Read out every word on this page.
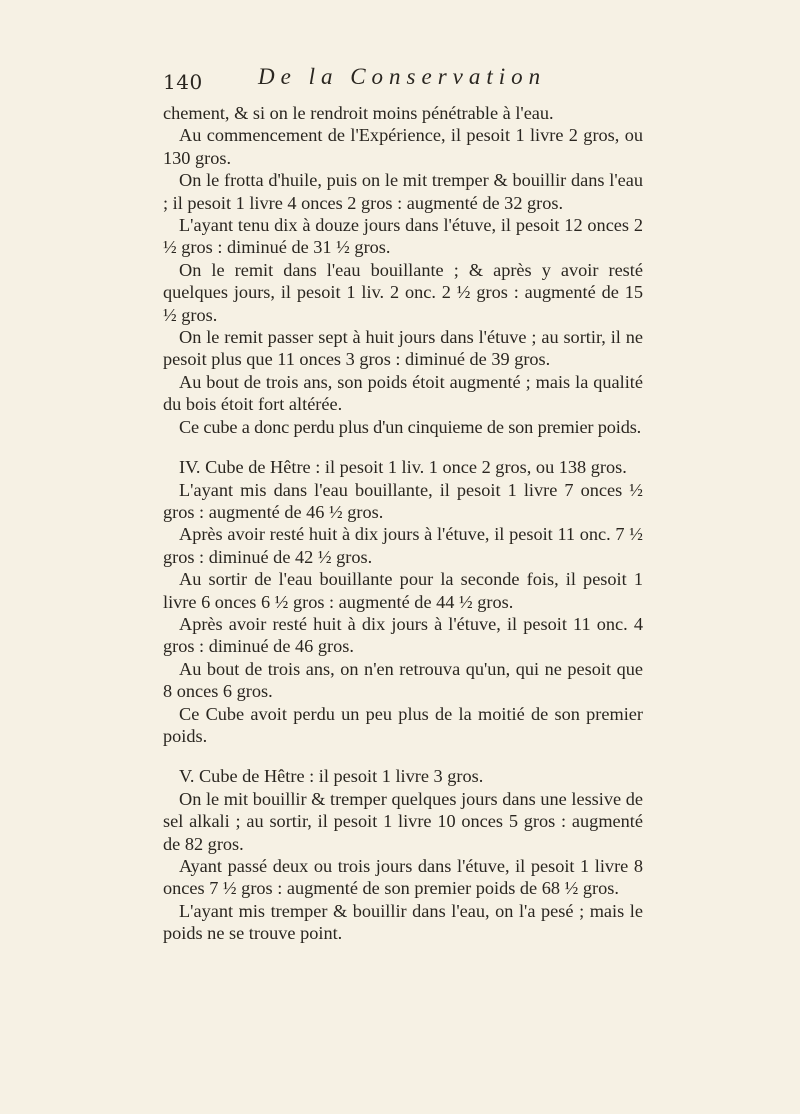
140 De la Conservation

chement, & si on le rendroit moins pénétrable à l'eau.

Au commencement de l'Expérience, il pesoit 1 livre 2 gros, ou 130 gros.

On le frotta d'huile, puis on le mit tremper & bouillir dans l'eau ; il pesoit 1 livre 4 onces 2 gros : augmenté de 32 gros.

L'ayant tenu dix à douze jours dans l'étuve, il pesoit 12 onces 2 ½ gros : diminué de 31 ½ gros.

On le remit dans l'eau bouillante ; & après y avoir resté quelques jours, il pesoit 1 liv. 2 onc. 2 ½ gros : augmenté de 15 ½ gros.

On le remit passer sept à huit jours dans l'étuve ; au sortir, il ne pesoit plus que 11 onces 3 gros : diminué de 39 gros.

Au bout de trois ans, son poids étoit augmenté ; mais la qualité du bois étoit fort altérée.

Ce cube a donc perdu plus d'un cinquieme de son premier poids.

IV. Cube de Hêtre : il pesoit 1 liv. 1 once 2 gros, ou 138 gros.

L'ayant mis dans l'eau bouillante, il pesoit 1 livre 7 onces ½ gros : augmenté de 46 ½ gros.

Après avoir resté huit à dix jours à l'étuve, il pesoit 11 onc. 7 ½ gros : diminué de 42 ½ gros.

Au sortir de l'eau bouillante pour la seconde fois, il pesoit 1 livre 6 onces 6 ½ gros : augmenté de 44 ½ gros.

Après avoir resté huit à dix jours à l'étuve, il pesoit 11 onc. 4 gros : diminué de 46 gros.

Au bout de trois ans, on n'en retrouva qu'un, qui ne pesoit que 8 onces 6 gros.

Ce Cube avoit perdu un peu plus de la moitié de son premier poids.

V. Cube de Hêtre : il pesoit 1 livre 3 gros.

On le mit bouillir & tremper quelques jours dans une lessive de sel alkali ; au sortir, il pesoit 1 livre 10 onces 5 gros : augmenté de 82 gros.

Ayant passé deux ou trois jours dans l'étuve, il pesoit 1 livre 8 onces 7 ½ gros : augmenté de son premier poids de 68 ½ gros.

L'ayant mis tremper & bouillir dans l'eau, on l'a pesé ; mais le poids ne se trouve point.
